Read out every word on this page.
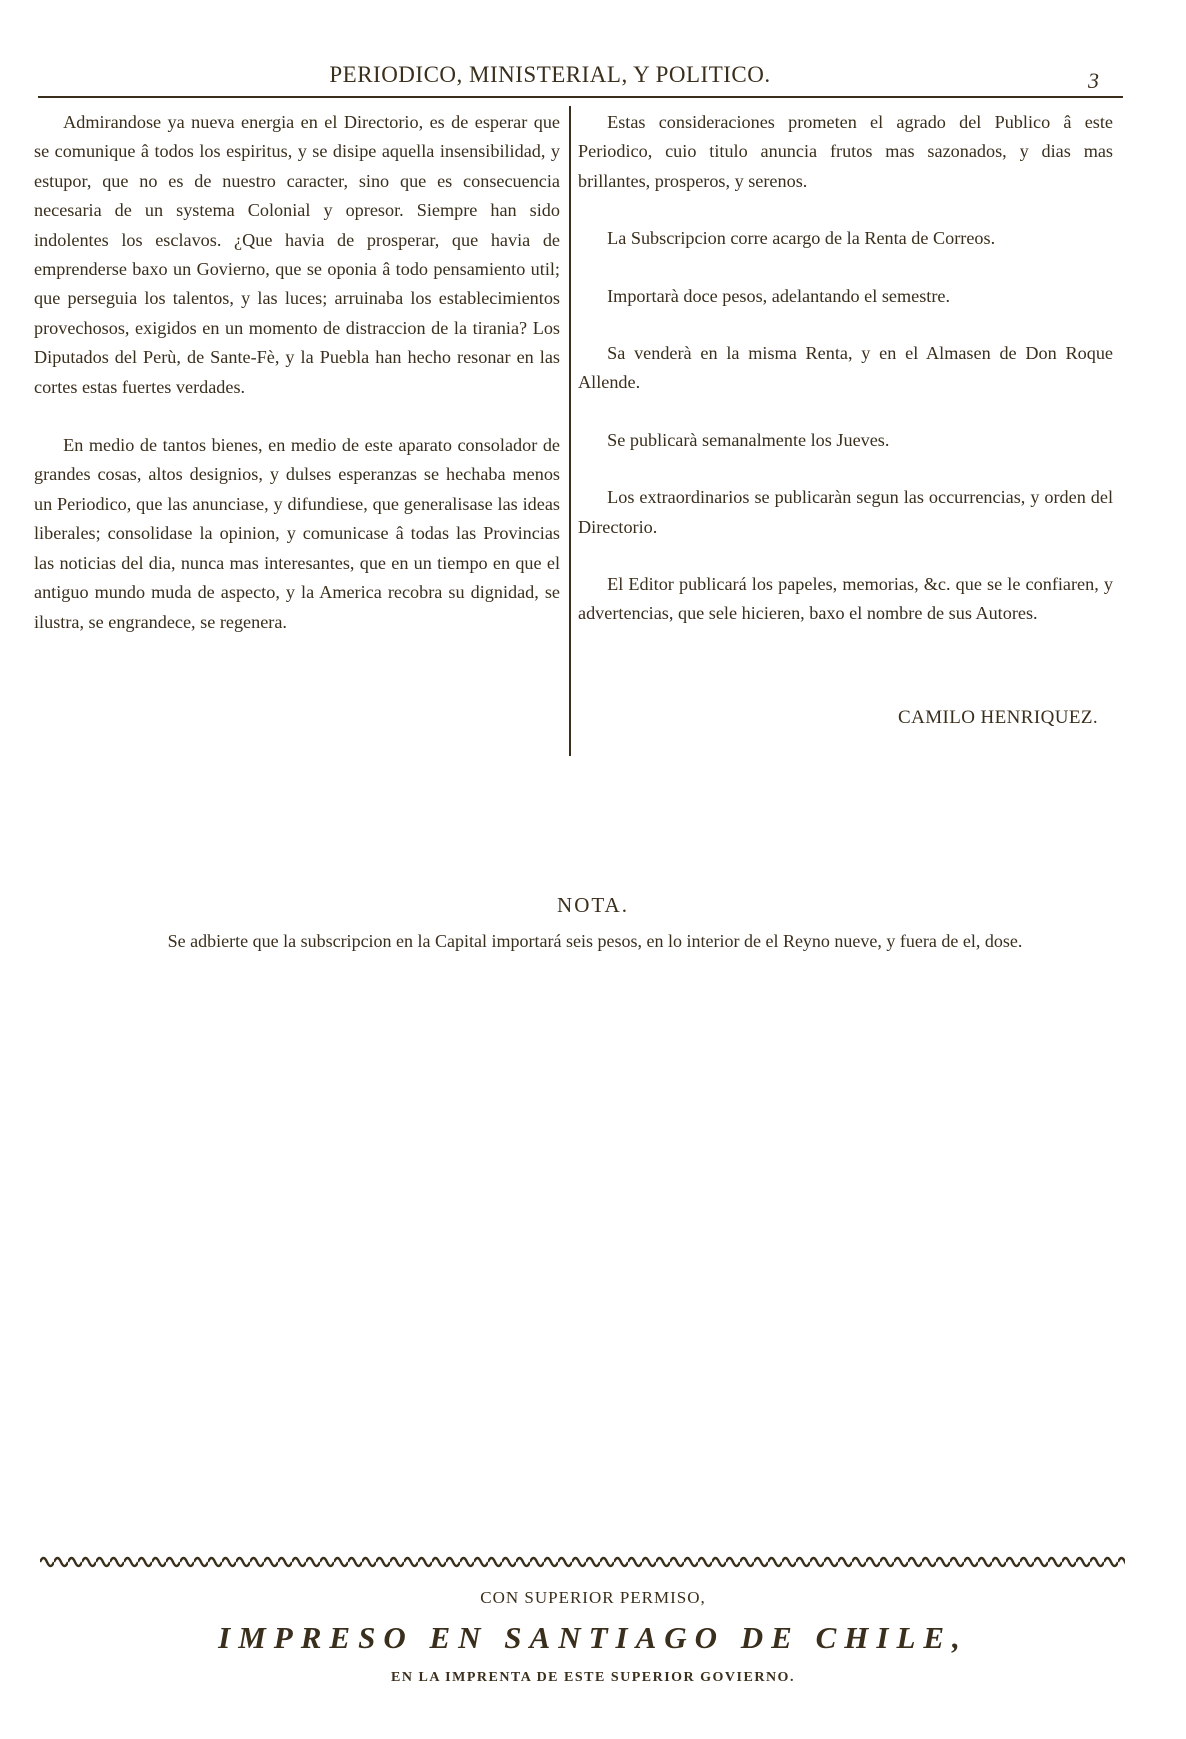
PERIODICO, MINISTERIAL, Y POLITICO.	3

Admirandose ya nueva energia en el Directorio, es de esperar que se comunique â todos los espiritus, y se disipe aquella insensibilidad, y estupor, que no es de nuestro caracter, sino que es consecuencia necesaria de un systema Colonial y opresor. Siempre han sido indolentes los esclavos. ¿Que havia de prosperar, que havia de emprenderse baxo un Govierno, que se oponia â todo pensamiento util; que perseguia los talentos, y las luces; arruinaba los establecimientos provechosos, exigidos en un momento de distraccion de la tirania? Los Diputados del Perù, de Sante-Fè, y la Puebla han hecho resonar en las cortes estas fuertes verdades.

En medio de tantos bienes, en medio de este aparato consolador de grandes cosas, altos designios, y dulses esperanzas se hechaba menos un Periodico, que las anunciase, y difundiese, que generalisase las ideas liberales; consolidase la opinion, y comunicase â todas las Provincias las noticias del dia, nunca mas interesantes, que en un tiempo en que el antiguo mundo muda de aspecto, y la America recobra su dignidad, se ilustra, se engrandece, se regenera.

Estas consideraciones prometen el agrado del Publico â este Periodico, cuio titulo anuncia frutos mas sazonados, y dias mas brillantes, prosperos, y serenos.

La Subscripcion corre acargo de la Renta de Correos.

Importarà doce pesos, adelantando el semestre.

Sa venderà en la misma Renta, y en el Almasen de Don Roque Allende.

Se publicarà semanalmente los Jueves.

Los extraordinarios se publicaràn segun las occurrencias, y orden del Directorio.

El Editor publicará los papeles, memorias, &c. que se le confiaren, y advertencias, que sele hicieren, baxo el nombre de sus Autores.

CAMILO HENRIQUEZ.
NOTA.
Se adbierte que la subscripcion en la Capital importará seis pesos, en lo interior de el Reyno nueve, y fuera de el, dose.
CON SUPERIOR PERMISO,
IMPRESO EN SANTIAGO DE CHILE,
EN LA IMPRENTA DE ESTE SUPERIOR GOVIERNO.
